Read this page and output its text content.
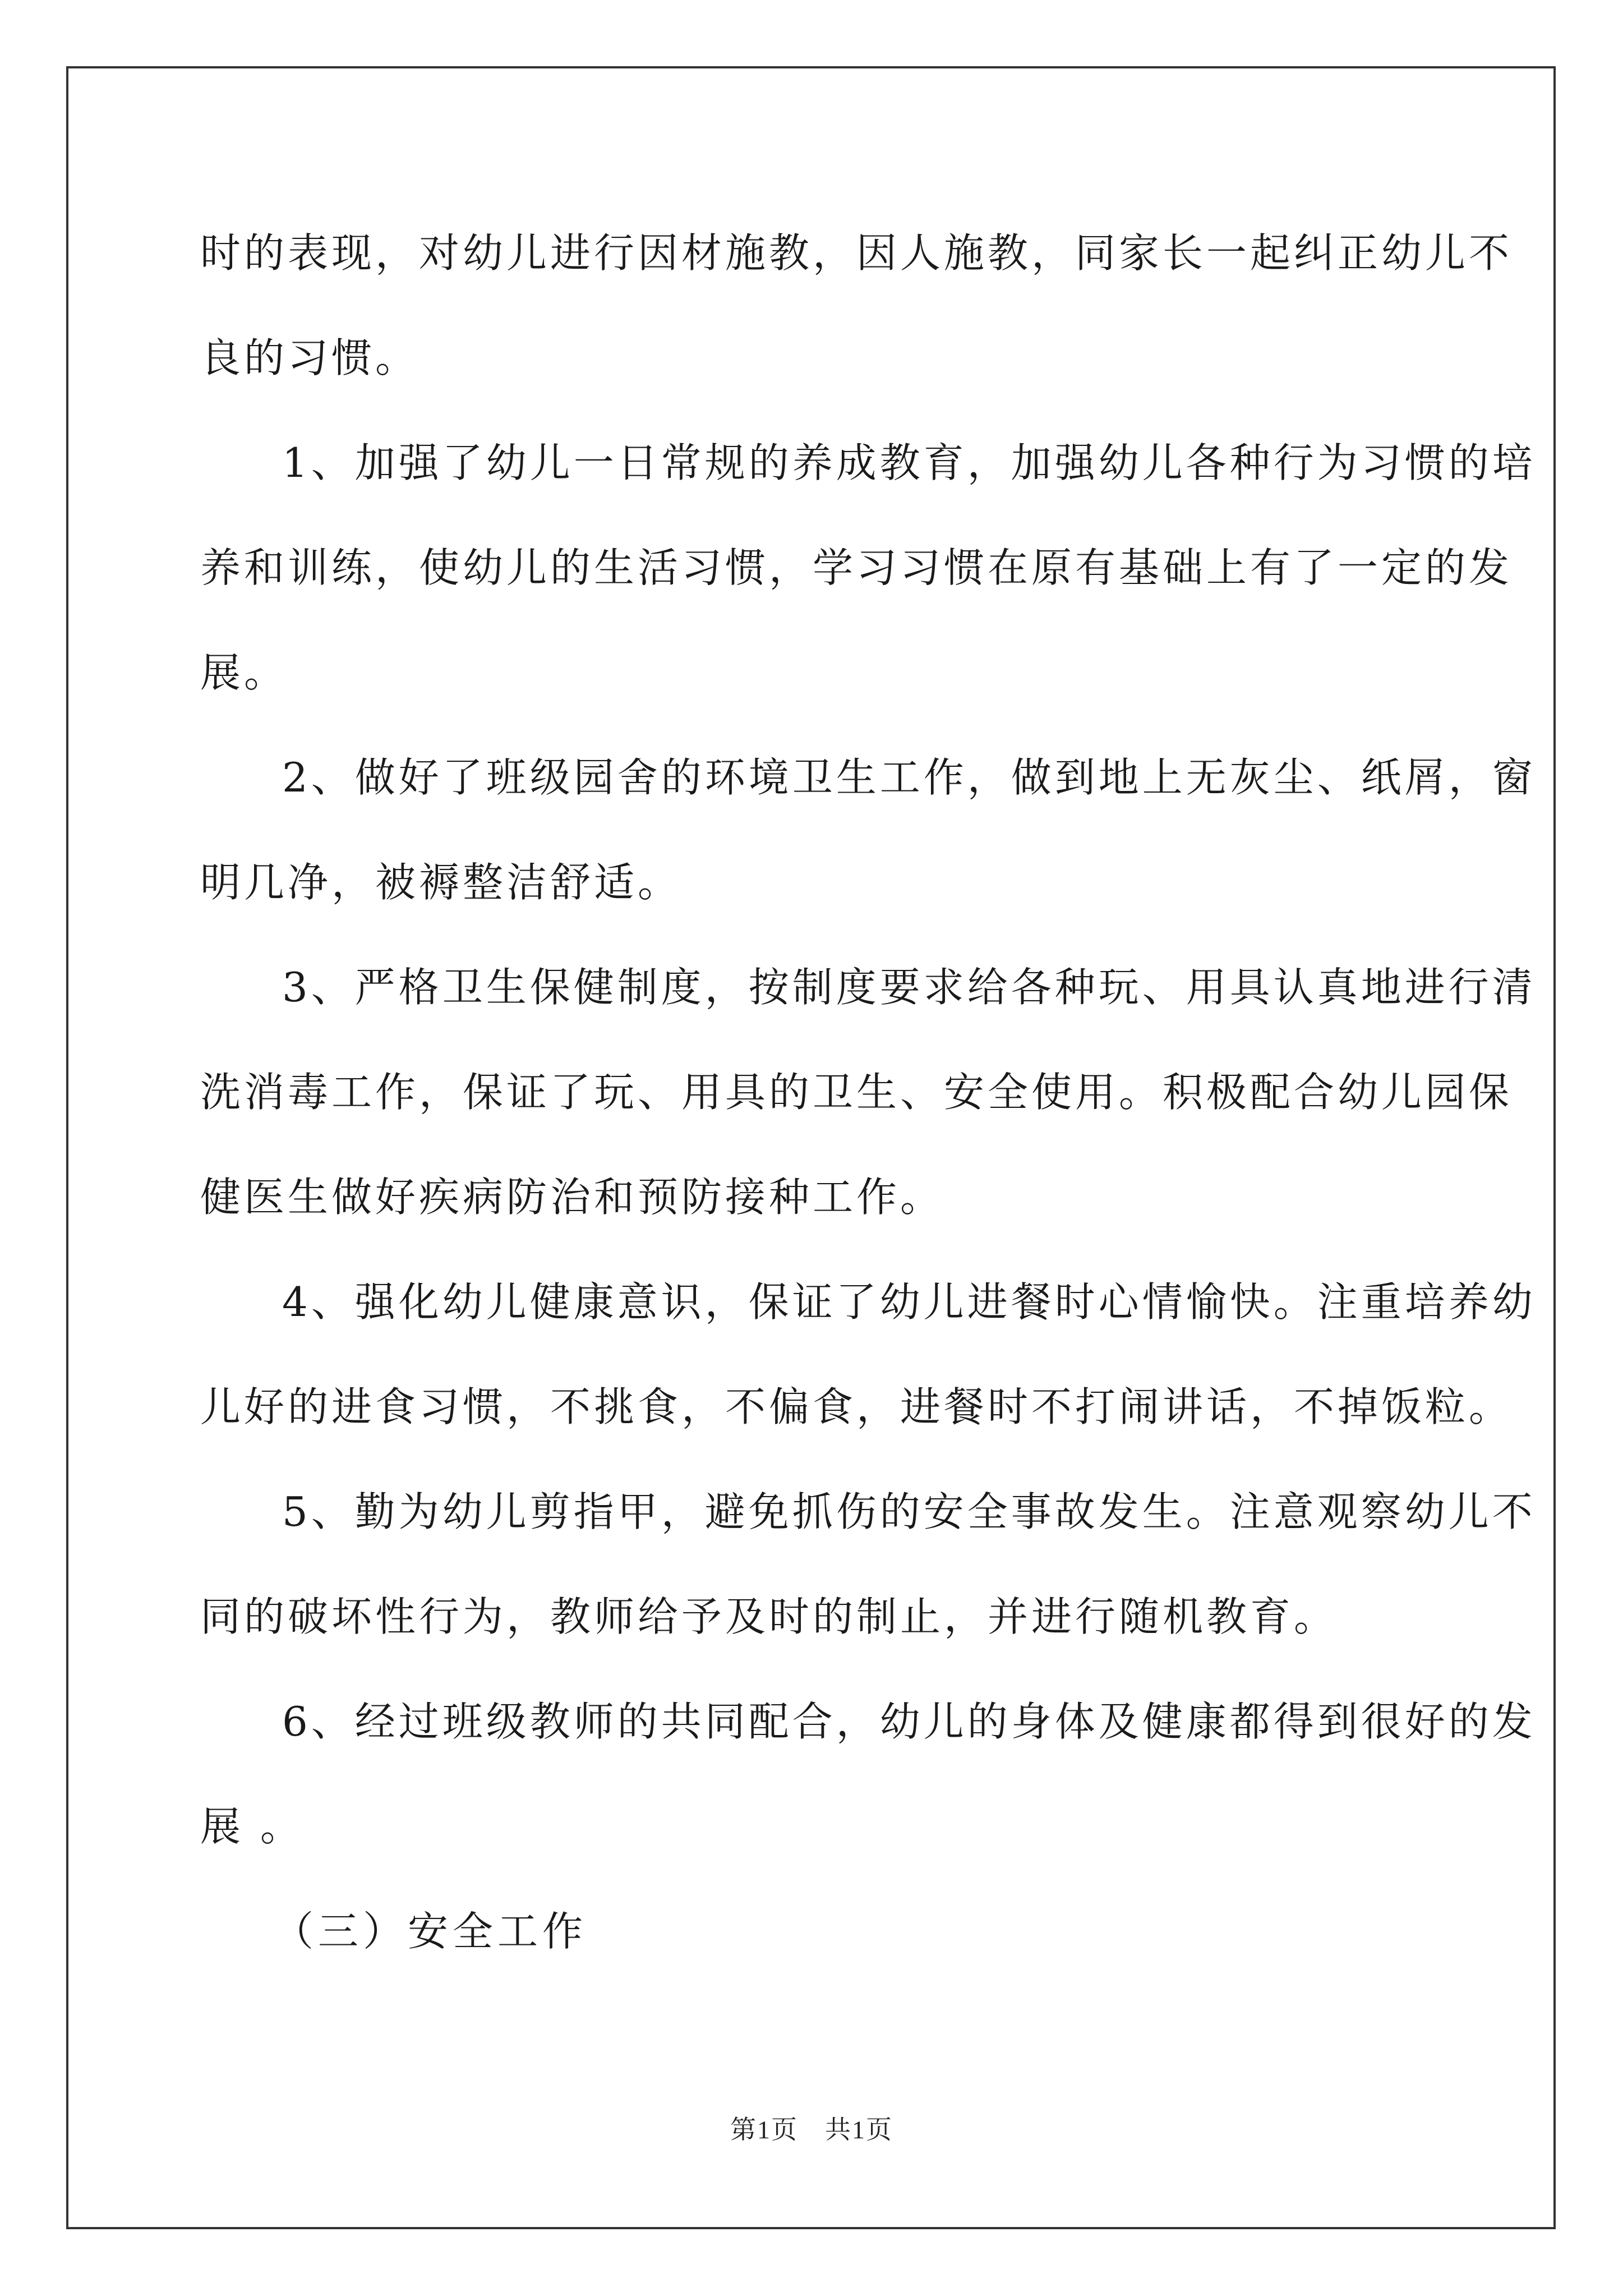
时的表现，对幼儿进行因材施教，因人施教，同家长一起纠正幼儿不
良的习惯。
1、加强了幼儿一日常规的养成教育，加强幼儿各种行为习惯的培
养和训练，使幼儿的生活习惯，学习习惯在原有基础上有了一定的发
展。
2、做好了班级园舍的环境卫生工作，做到地上无灰尘、纸屑，窗
明几净，被褥整洁舒适。
3、严格卫生保健制度，按制度要求给各种玩、用具认真地进行清
洗消毒工作，保证了玩、用具的卫生、安全使用。积极配合幼儿园保
健医生做好疾病防治和预防接种工作。
4、强化幼儿健康意识，保证了幼儿进餐时心情愉快。注重培养幼
儿好的进食习惯，不挑食，不偏食，进餐时不打闹讲话，不掉饭粒。
5、勤为幼儿剪指甲，避免抓伤的安全事故发生。注意观察幼儿不
同的破坏性行为，教师给予及时的制止，并进行随机教育。
6、经过班级教师的共同配合，幼儿的身体及健康都得到很好的发
展 。
（三）安全工作
第1页　共1页
